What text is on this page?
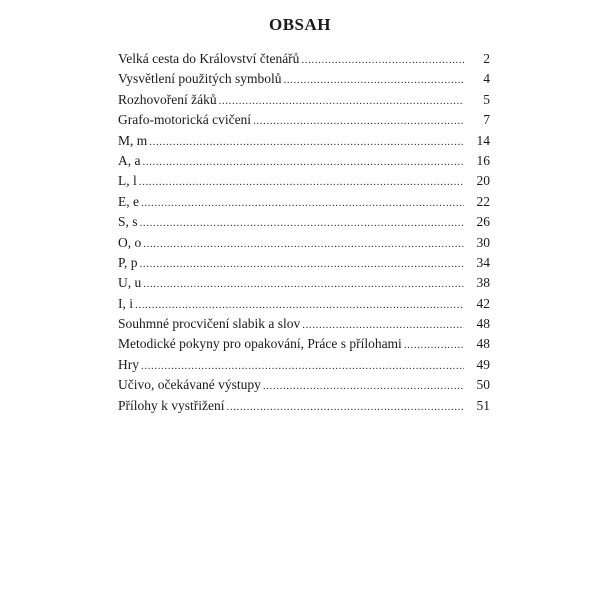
OBSAH
Velká cesta do Království čtenářů .....	2
Vysvětlení použitých symbolů .....	4
Rozhovoření žáků .....	5
Grafo-motorická cvičení .....	7
M, m .....	14
A, a .....	16
L, l .....	20
E, e .....	22
S, s .....	26
O, o .....	30
P, p .....	34
U, u .....	38
I, i .....	42
Souhmné procvičení slabik a slov .....	48
Metodické pokyny pro opakování, Práce s přílohami .....	48
Hry .....	49
Učivo, očekávané výstupy .....	50
Přílohy k vystřižení .....	51
